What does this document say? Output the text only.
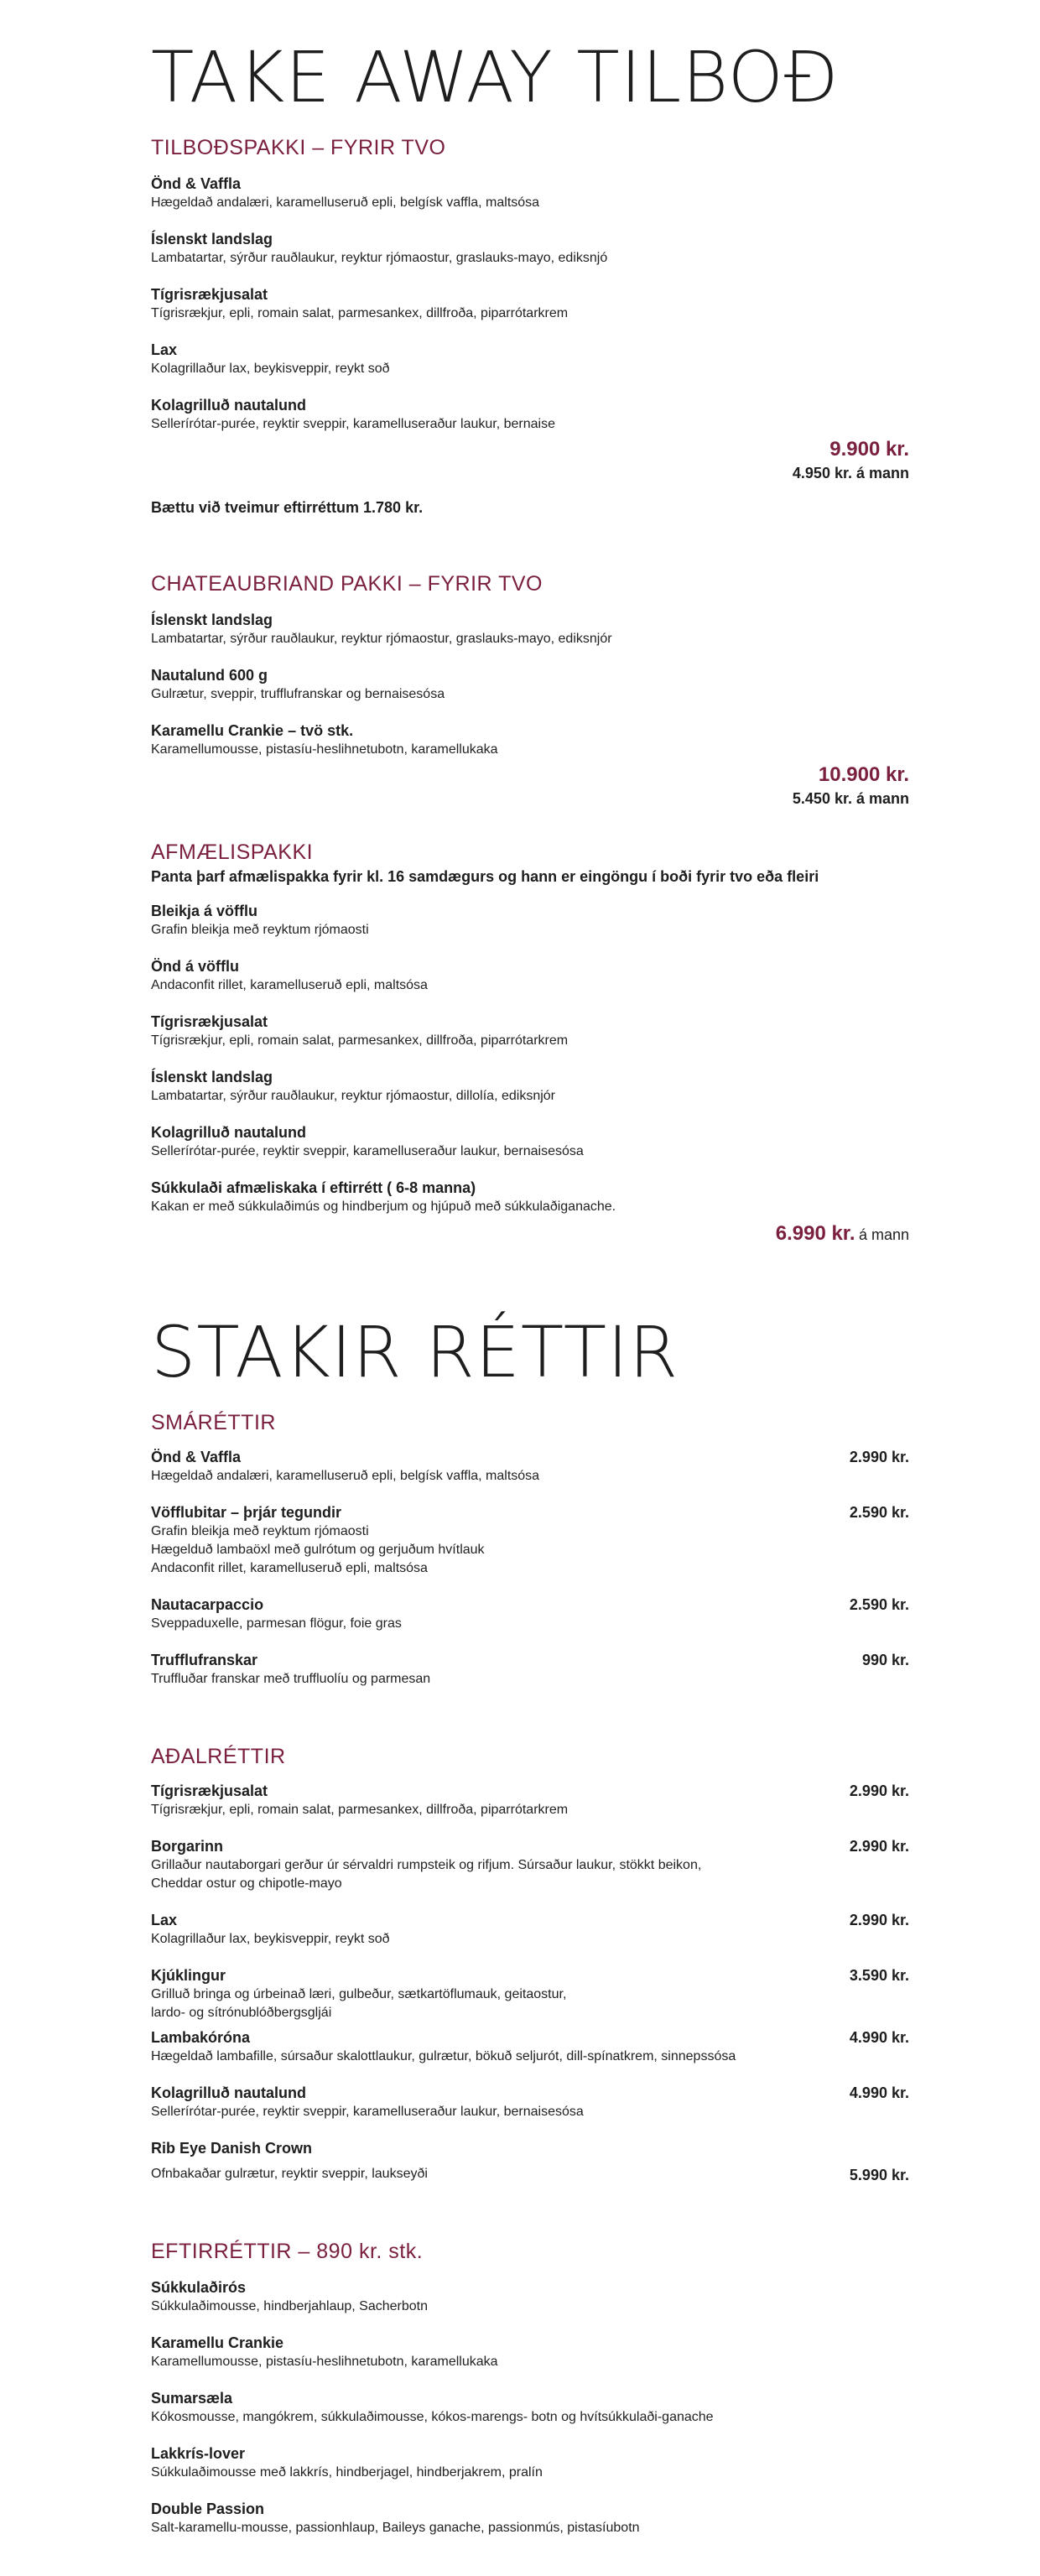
TAKE AWAY TILBOÐ
TILBOÐSPAKKI – FYRIR TVO
Önd & Vaffla
Hægeldað andalæri, karamelluseruð epli, belgísk vaffla, maltsósa
Íslenskt landslag
Lambatartar, sýrður rauðlaukur, reyktur rjómaostur, graslauks-mayo, ediksnjó
Tígrisrækjusalat
Tígrisrækjur, epli, romain salat, parmesankex, dillfroða, piparrótarkrem
Lax
Kolagrillaður lax, beykisveppir, reykt soð
Kolagrilluð nautalund
Sellerírótar-purée, reyktir sveppir, karamelluseraður laukur, bernaise
9.900 kr.
4.950 kr. á mann
Bættu við tveimur eftirréttum 1.780 kr.
CHATEAUBRIAND PAKKI – FYRIR TVO
Íslenskt landslag
Lambatartar, sýrður rauðlaukur, reyktur rjómaostur, graslauks-mayo, ediksnjór
Nautalund 600 g
Gulrætur, sveppir, trufflufranskar og bernaisesósa
Karamellu Crankie – tvö stk.
Karamellumousse, pistasíu-heslihnetubotn, karamellukaka
10.900 kr.
5.450 kr. á mann
AFMÆLISPAKKI
Panta þarf afmælispakka fyrir kl. 16 samdægurs og hann er eingöngu í boði fyrir tvo eða fleiri
Bleikja á vöfflu
Grafin bleikja með reyktum rjómaosti
Önd á vöfflu
Andaconfit rillet, karamelluseruð epli, maltsósa
Tígrisrækjusalat
Tígrisrækjur, epli, romain salat, parmesankex, dillfroða, piparrótarkrem
Íslenskt landslag
Lambatartar, sýrður rauðlaukur, reyktur rjómaostur, dillolía, ediksnjór
Kolagrilluð nautalund
Sellerírótar-purée, reyktir sveppir, karamelluseraður laukur, bernaisesósa
Súkkulaði afmæliskaka í eftirrétt ( 6-8 manna)
Kakan er með súkkulaðimús og hindberjum og hjúpuð með súkkulaðiganache.
6.990 kr. á mann
STAKIR RÉTTIR
SMÁRÉTTIR
Önd & Vaffla
Hægeldað andalæri, karamelluseruð epli, belgísk vaffla, maltsósa
2.990 kr.
Vöfflubitar – þrjár tegundir
Grafin bleikja með reyktum rjómaosti
Hægelduð lambaöxl með gulrótum og gerjuðum hvítlauk
Andaconfit rillet, karamelluseruð epli, maltsósa
2.590 kr.
Nautacarpaccio
Sveppaduxelle, parmesan flögur, foie gras
2.590 kr.
Trufflufranskar
Truffluðar franskar með truffluolíu og parmesan
990 kr.
AÐALRÉTTIR
Tígrisrækjusalat
Tígrisrækjur, epli, romain salat, parmesankex, dillfroða, piparrótarkrem
2.990 kr.
Borgarinn
Grillaður nautaborgari gerður úr sérvaldri rumpsteik og rifjum. Súrsaður laukur, stökkt beikon,
Cheddar ostur og chipotle-mayo
2.990 kr.
Lax
Kolagrillaður lax, beykisveppir, reykt soð
2.990 kr.
Kjúklingur
Grilluð bringa og úrbeinað læri, gulbeður, sætkartöflumauk, geitaostur,
lardo- og sítrónublóðbergsgljái
3.590 kr.
Lambakóróna
Hægeldað lambafille, súrsaður skalottlaukur, gulrætur, bökuð seljurót, dill-spínatkrem, sinnepssósa
4.990 kr.
Kolagrilluð nautalund
Sellerírótar-purée, reyktir sveppir, karamelluseraður laukur, bernaisesósa
4.990 kr.
Rib Eye Danish Crown
Ofnbakaðar gulrætur, reyktir sveppir, laukseyði	5.990 kr.
EFTIRRÉTTIR – 890 kr. stk.
Súkkulaðirós
Súkkulaðimousse, hindberjahlaup, Sacherbotn
Karamellu Crankie
Karamellumousse, pistasíu-heslihnetubotn, karamellukaka
Sumarsæla
Kókosmousse, mangókrem, súkkulaðimousse, kókos-marengs- botn og hvítsúkkulaði-ganache
Lakkrís-lover
Súkkulaðimousse með lakkrís, hindberjagel, hindberjakrem, pralín
Double Passion
Salt-karamellu-mousse, passionhlaup, Baileys ganache, passionmús, pistasíubotn
